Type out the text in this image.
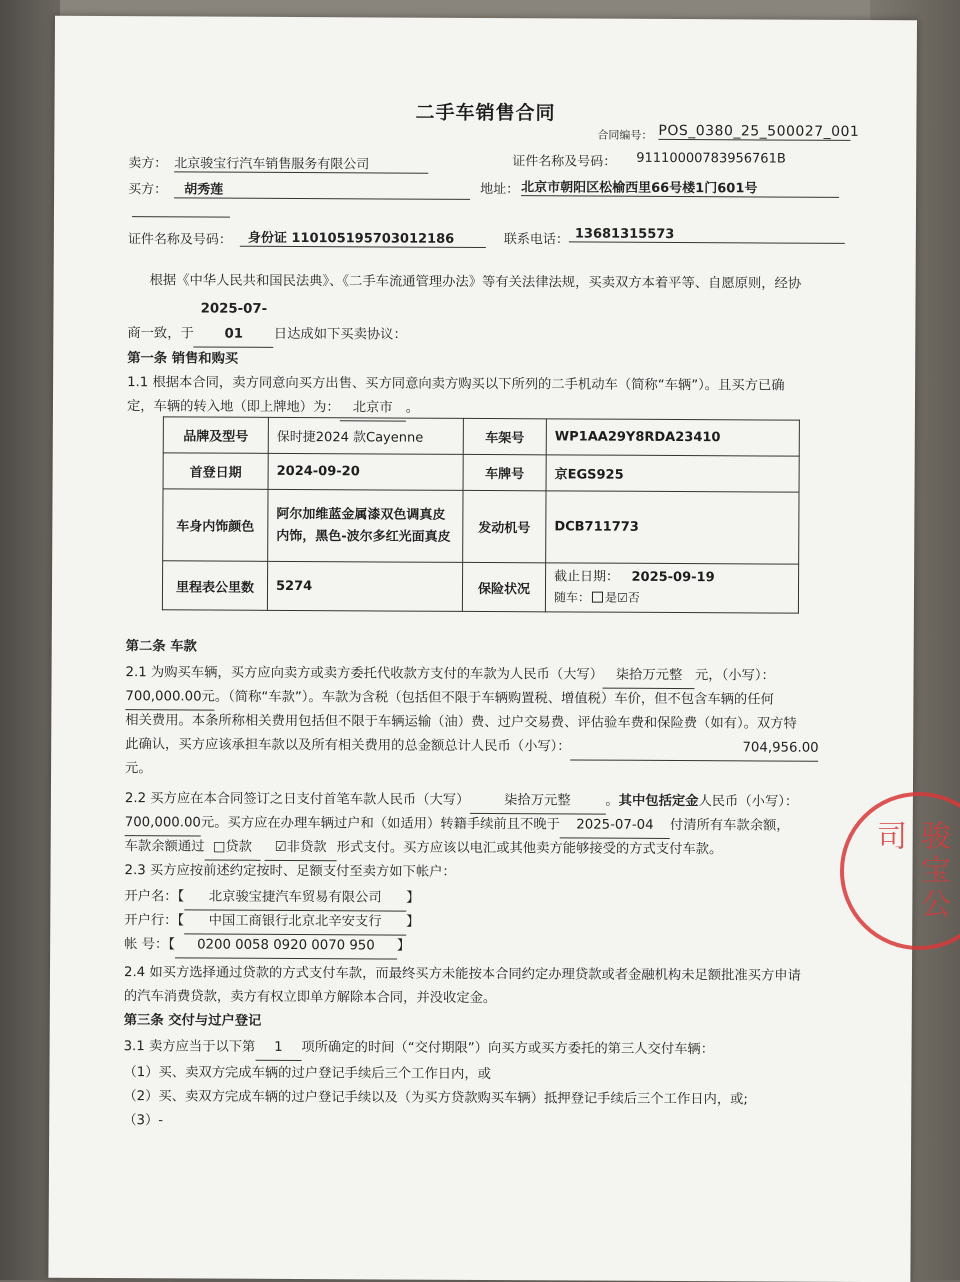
二手车销售合同
合同编号： POS_0380_25_500027_001
卖方： 北京骏宝行汽车销售服务有限公司	证件名称及号码： 91110000783956761B
买方：	胡秀莲	地址： 北京市朝阳区松榆西里66号楼1门601号
证件名称及号码：	身份证 110105195703012186	联系电话： 13681315573
根据《中华人民共和国民法典》、《二手车流通管理办法》等有关法律法规，买卖双方本着平等、自愿原则，经协
商一致，于2025-07-01 日达成如下买卖协议：
第一条 销售和购买
1.1 根据本合同，卖方同意向买方出售、买方同意向卖方购买以下所列的二手机动车（简称“车辆”）。且买方已确
定，车辆的转入地（即上牌地）为： 北京市 。
品牌及型号	保时捷2024 款Cayenne	车架号	WP1AA29Y8RDA23410
首登日期	2024-09-20	车牌号	京EGS925
车身内饰颜色	阿尔加维蓝金属漆双色调真皮内饰，黑色-波尔多红光面真皮	发动机号	DCB711773
里程表公里数	5274	保险状况	截止日期： 2025-09-19
随车： 是☑否
第二条 车款
2.1 为购买车辆，买方应向卖方或卖方委托代收款方支付的车款为人民币（大写） 柒拾万元整 元，（小写）：
700,000.00元。（简称“车款”）。车款为含税（包括但不限于车辆购置税、增值税）车价，但不包含车辆的任何
相关费用。本条所称相关费用包括但不限于车辆运输（油）费、过户交易费、评估验车费和保险费（如有）。双方特
此确认，买方应该承担车款以及所有相关费用的总金额总计人民币（小写）：	704,956.00
元。
2.2 买方应在本合同签订之日支付首笔车款人民币（大写）	柒拾万元整	。其中包括定金人民币（小写）：
700,000.00元。买方应在办理车辆过户和（如适用）转籍手续前且不晚于 2025-07-04 付清所有车款余额，
车款余额通过 □贷款 ☑非贷款 形式支付。买方应该以电汇或其他卖方能够接受的方式支付车款。
2.3 买方应按前述约定按时、足额支付至卖方如下帐户：
开户名：【 北京骏宝捷汽车贸易有限公司 】
开户行：【 中国工商银行北京北辛安支行 】
帐 号：【 0200 0058 0920 0070 950 】
2.4 如买方选择通过贷款的方式支付车款，而最终买方未能按本合同约定办理贷款或者金融机构未足额批准买方申请
的汽车消费贷款，卖方有权立即单方解除本合同，并没收定金。
第三条 交付与过户登记
3.1 卖方应当于以下第 1 项所确定的时间（“交付期限”）向买方或买方委托的第三人交付车辆：
（1）买、卖双方完成车辆的过户登记手续后三个工作日内，或
（2）买、卖双方完成车辆的过户登记手续以及（为买方贷款购买车辆）抵押登记手续后三个工作日内，或;
（3）-
骏宝公司
